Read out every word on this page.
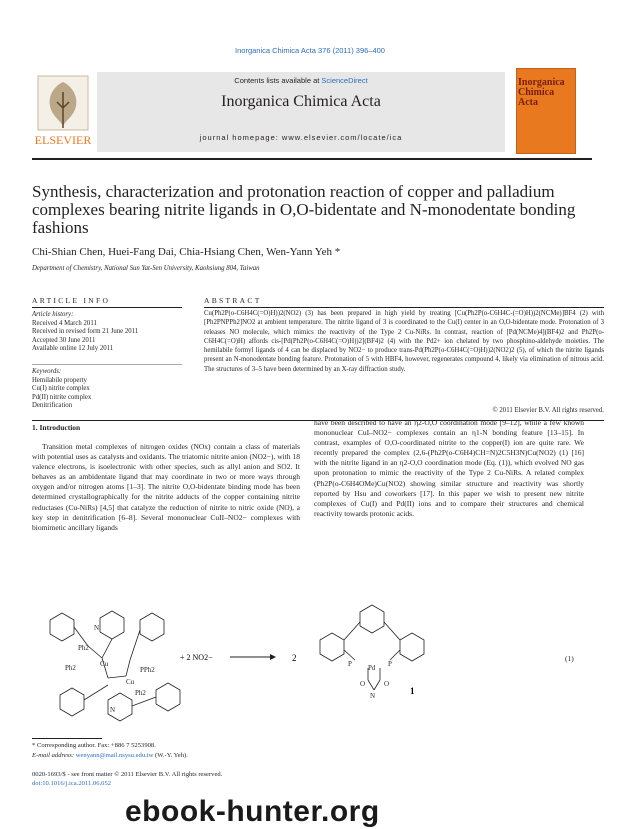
Inorganica Chimica Acta 376 (2011) 396–400
ELSEVIER
Contents lists available at ScienceDirect
Inorganica Chimica Acta
journal homepage: www.elsevier.com/locate/ica
Inorganica Chimica Acta
Synthesis, characterization and protonation reaction of copper and palladium complexes bearing nitrite ligands in O,O-bidentate and N-monodentate bonding fashions
Chi-Shian Chen, Huei-Fang Dai, Chia-Hsiang Chen, Wen-Yann Yeh *
Department of Chemistry, National Sun Yat-Sen University, Kaohsiung 804, Taiwan
ARTICLE INFO
Article history:
Received 4 March 2011
Received in revised form 21 June 2011
Accepted 30 June 2011
Available online 12 July 2011
Keywords:
Hemilabile property
Cu(I) nitrite complex
Pd(II) nitrite complex
Denitrification
ABSTRACT
Cu(Ph2P(o-C6H4C(=O)H))2(NO2) (3) has been prepared in high yield by treating [Cu(Ph2P(o-C6H4C-(=O)H))2(NCMe)]BF4 (2) with [Ph2PNPPh2]NO2 at ambient temperature. The nitrite ligand of 3 is coordinated to the Cu(I) center in an O,O-bidentate mode. Protonation of 3 releases NO molecule, which mimics the reactivity of the Type 2 Cu-NiRs. In contrast, reaction of [Pd(NCMe)4](BF4)2 and Ph2P(o-C6H4C(=O)H) affords cis-[Pd(Ph2P(o-C6H4C(=O)H))2](BF4)2 (4) with the Pd2+ ion chelated by two phosphino-aldehyde moieties. The hemilabile formyl ligands of 4 can be displaced by NO2− to produce trans-Pd(Ph2P(o-C6H4C(=O)H))2(NO2)2 (5), of which the nitrite ligands present an N-monodentate bonding feature. Protonation of 5 with HBF4, however, regenerates compound 4, likely via elimination of nitrous acid. The structures of 3–5 have been determined by an X-ray diffraction study.
© 2011 Elsevier B.V. All rights reserved.
1. Introduction
Transition metal complexes of nitrogen oxides (NOx) contain a class of materials with potential uses as catalysts and oxidants. The triatomic nitrite anion (NO2−), with 18 valence electrons, is isoelectronic with other species, such as allyl anion and SO2. It behaves as an ambidentate ligand that may coordinate in two or more ways through oxygen and/or nitrogen atoms [1–3]. The nitrite O,O-bidentate binding mode has been determined crystallographically for the nitrite adducts of the copper containing nitrite reductases (Cu-NiRs) [4,5] that catalyze the reduction of nitrite to nitric oxide (NO), a key step in denitrification [6–8]. Several mononuclear CuII–NO2− complexes with biomimetic ancillary ligands
have been described to have an η2-O,O coordination mode [9–12], while a few known mononuclear CuI–NO2− complexes contain an η1-N bonding feature [13–15]. In contrast, examples of O,O-coordinated nitrite to the copper(I) ion are quite rare. We recently prepared the complex (2,6-(Ph2P(o-C6H4)CH=N)2C5H3N)Cu(NO2) (1) [16] with the nitrite ligand in an η2-O,O coordination mode (Eq. (1)), which evolved NO gas upon protonation to mimic the reactivity of the Type 2 Cu-NiRs. A related complex (Ph2P(o-C6H4OMe)Cu(NO2) showing similar structure and reactivity was shortly reported by Hsu and coworkers [17]. In this paper we wish to present new nitrite complexes of Cu(I) and Pd(II) ions and to compare their structures and chemical reactivity towards protonic acids.
Ph2
Ph2	Cu
Cu
PPh2
Ph2
N
N
+ 2 NO2−	2
P	P
Pd
O	O
N	1
(1)
* Corresponding author. Fax: +886 7 5253908.
E-mail address: wenyann@mail.nsysu.edu.tw (W.-Y. Yeh).
0020-1693/$ - see front matter © 2011 Elsevier B.V. All rights reserved.
doi:10.1016/j.ica.2011.06.052
ebook-hunter.org
